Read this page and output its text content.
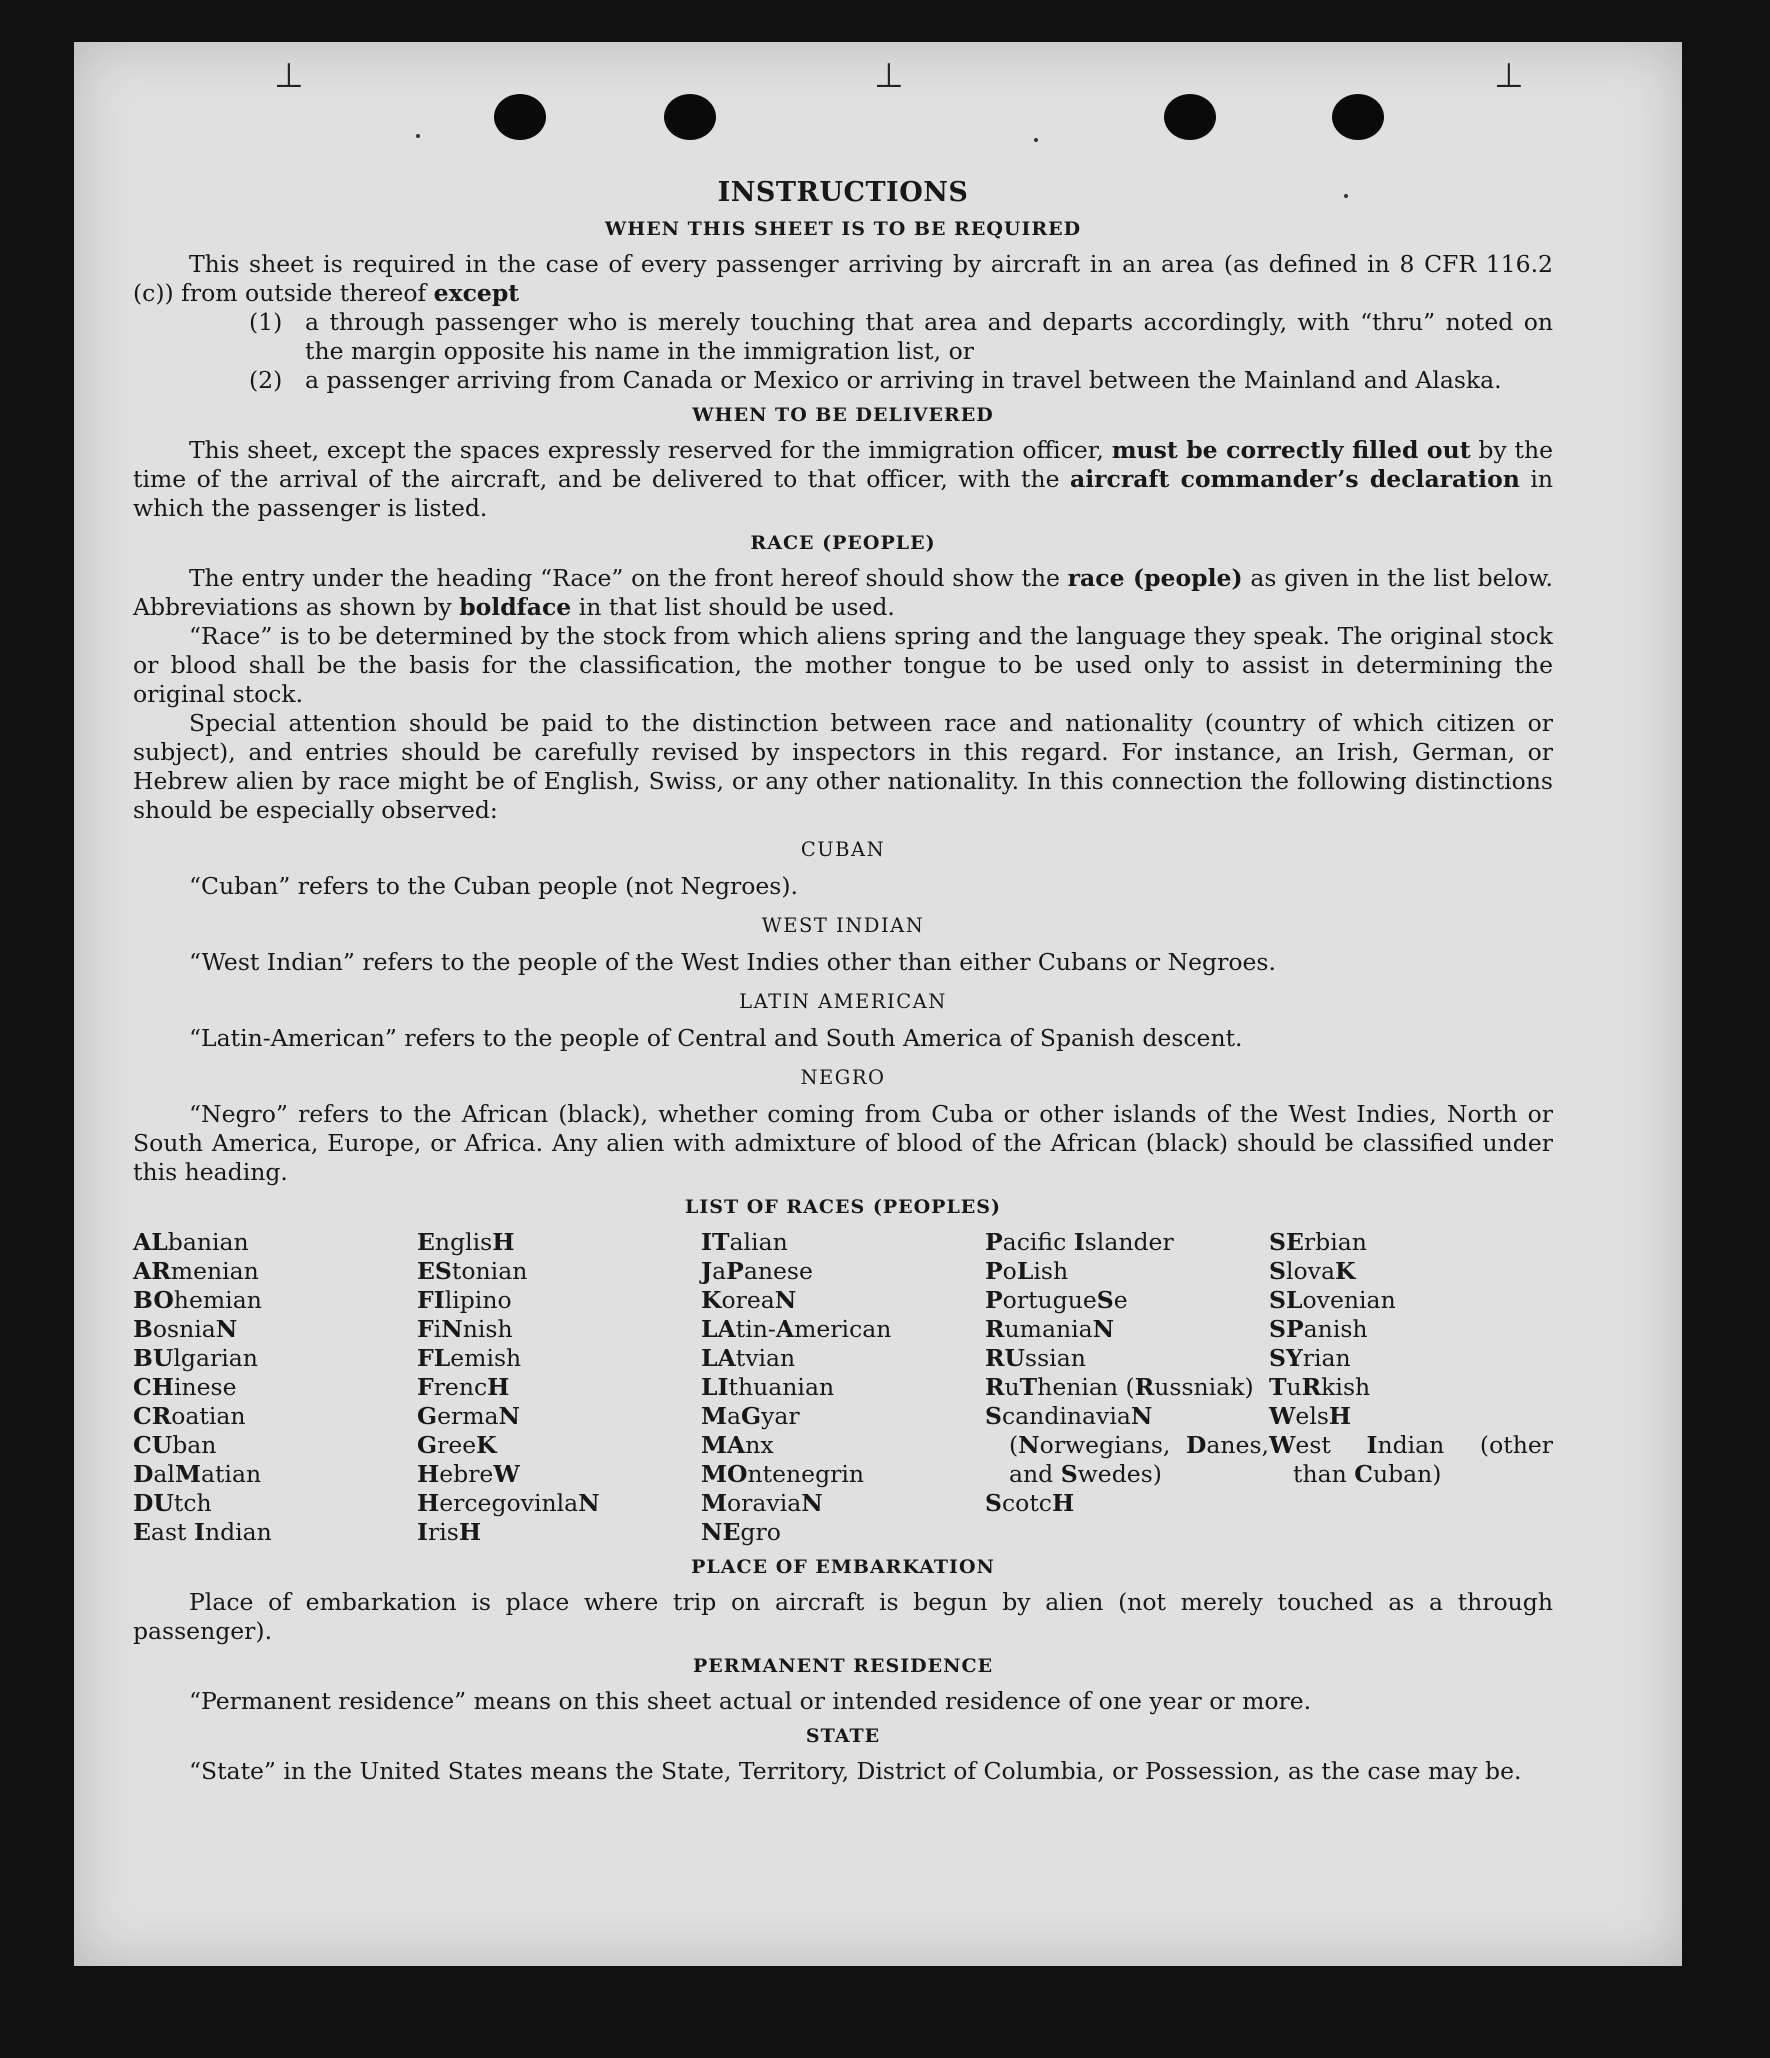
⊥	⊥	⊥
INSTRUCTIONS
WHEN THIS SHEET IS TO BE REQUIRED

This sheet is required in the case of every passenger arriving by aircraft in an area (as defined in 8 CFR 116.2 (c)) from outside thereof except

(1) a through passenger who is merely touching that area and departs accordingly, with “thru” noted on the margin opposite his name in the immigration list, or
(2) a passenger arriving from Canada or Mexico or arriving in travel between the Mainland and Alaska.
WHEN TO BE DELIVERED

This sheet, except the spaces expressly reserved for the immigration officer, must be correctly filled out by the time of the arrival of the aircraft, and be delivered to that officer, with the aircraft commander’s declaration in which the passenger is listed.

RACE (PEOPLE)

The entry under the heading “Race” on the front hereof should show the race (people) as given in the list below. Abbreviations as shown by boldface in that list should be used.

“Race” is to be determined by the stock from which aliens spring and the language they speak. The original stock or blood shall be the basis for the classification, the mother tongue to be used only to assist in determining the original stock.

Special attention should be paid to the distinction between race and nationality (country of which citizen or subject), and entries should be carefully revised by inspectors in this regard. For instance, an Irish, German, or Hebrew alien by race might be of English, Swiss, or any other nationality. In this connection the following distinctions should be especially observed:

CUBAN

“Cuban” refers to the Cuban people (not Negroes).

WEST INDIAN

“West Indian” refers to the people of the West Indies other than either Cubans or Negroes.

LATIN AMERICAN

“Latin-American” refers to the people of Central and South America of Spanish descent.

NEGRO

“Negro” refers to the African (black), whether coming from Cuba or other islands of the West Indies, North or South America, Europe, or Africa. Any alien with admixture of blood of the African (black) should be classified under this heading.

LIST OF RACES (PEOPLES)

ALbanian

ARmenian

BOhemian

BosniaN

BUlgarian

CHinese

CRoatian

CUban

DalMatian

DUtch

East Indian

EnglisH

EStonian

FIlipino

FiNnish

FLemish

FrencH

GermaN

GreeK

HebreW

HercegovinlaN

IrisH

ITalian

JaPanese

KoreaN

LAtin-American

LAtvian

LIthuanian

MaGyar

MAnx

MOntenegrin

MoraviaN

NEgro

Pacifc Islander

PoLish

PortugueSe

RumaniaN

RUssian

RuThenian (Russniak)

ScandinaviaN (Norwegians, Danes, and Swedes)

ScotcH

SErbian

SlovaK

SLovenian

SPanish

SYrian

TuRkish

WelsH

West Indian (other than Cuban)

PLACE OF EMBARKATION

Place of embarkation is place where trip on aircraft is begun by alien (not merely touched as a through passenger).

PERMANENT RESIDENCE

“Permanent residence” means on this sheet actual or intended residence of one year or more.

STATE

“State” in the United States means the State, Territory, District of Columbia, or Possession, as the case may be.
